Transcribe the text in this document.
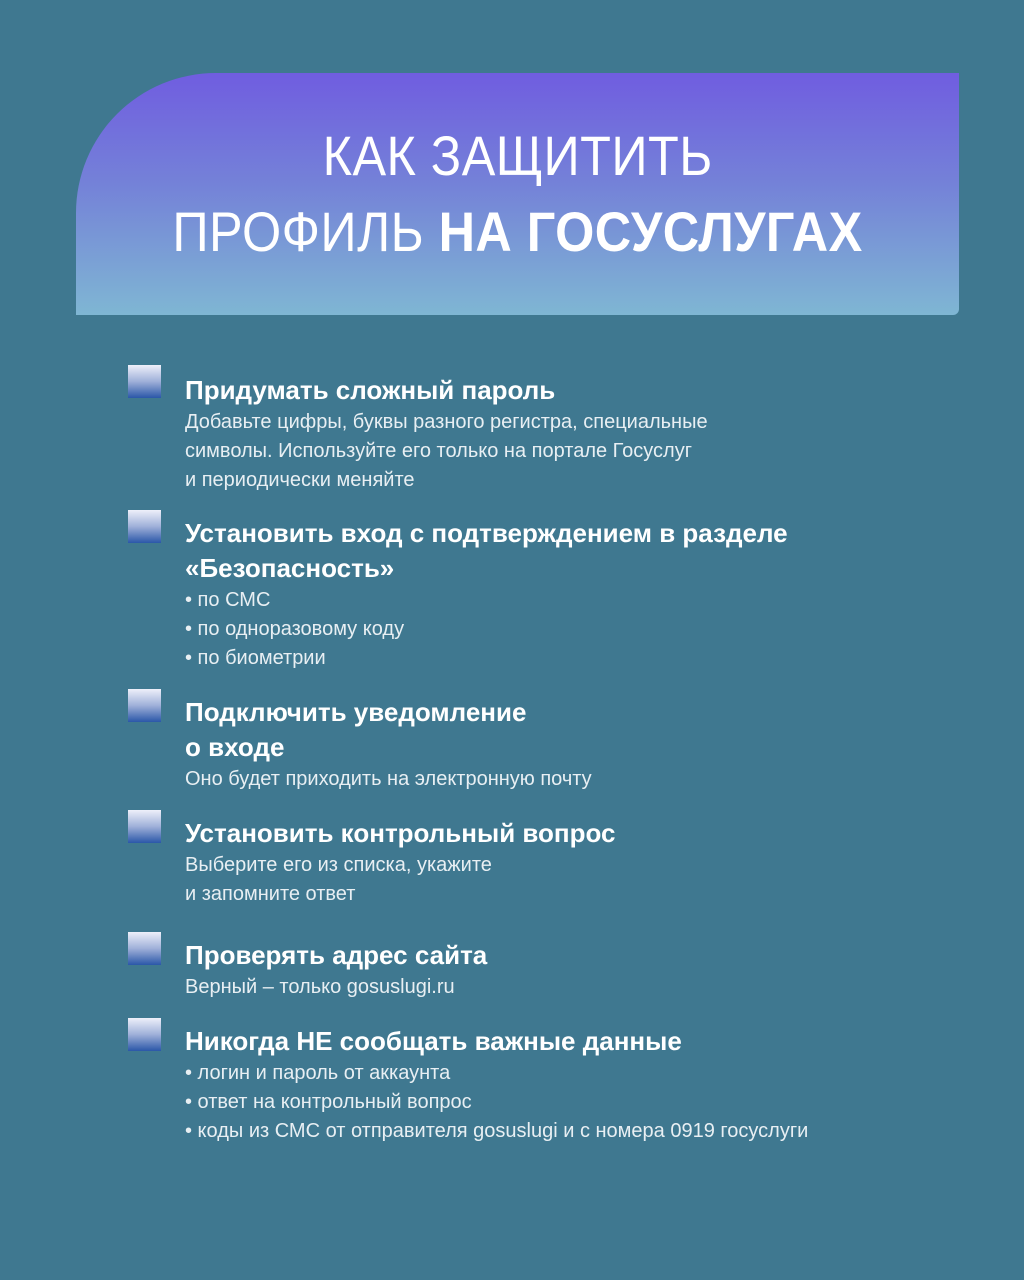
КАК ЗАЩИТИТЬ
ПРОФИЛЬ НА ГОСУСЛУГАХ
Придумать сложный пароль
Добавьте цифры, буквы разного регистра, специальные
символы. Используйте его только на портале Госуслуг
и периодически меняйте
Установить вход с подтверждением в разделе
«Безопасность»
• по СМС
• по одноразовому коду
• по биометрии
Подключить уведомление
о входе
Оно будет приходить на электронную почту
Установить контрольный вопрос
Выберите его из списка, укажите
и запомните ответ
Проверять адрес сайта
Верный – только gosuslugi.ru
Никогда НЕ сообщать важные данные
• логин и пароль от аккаунта
• ответ на контрольный вопрос
• коды из СМС от отправителя gosuslugi и с номера 0919 госуслуги
